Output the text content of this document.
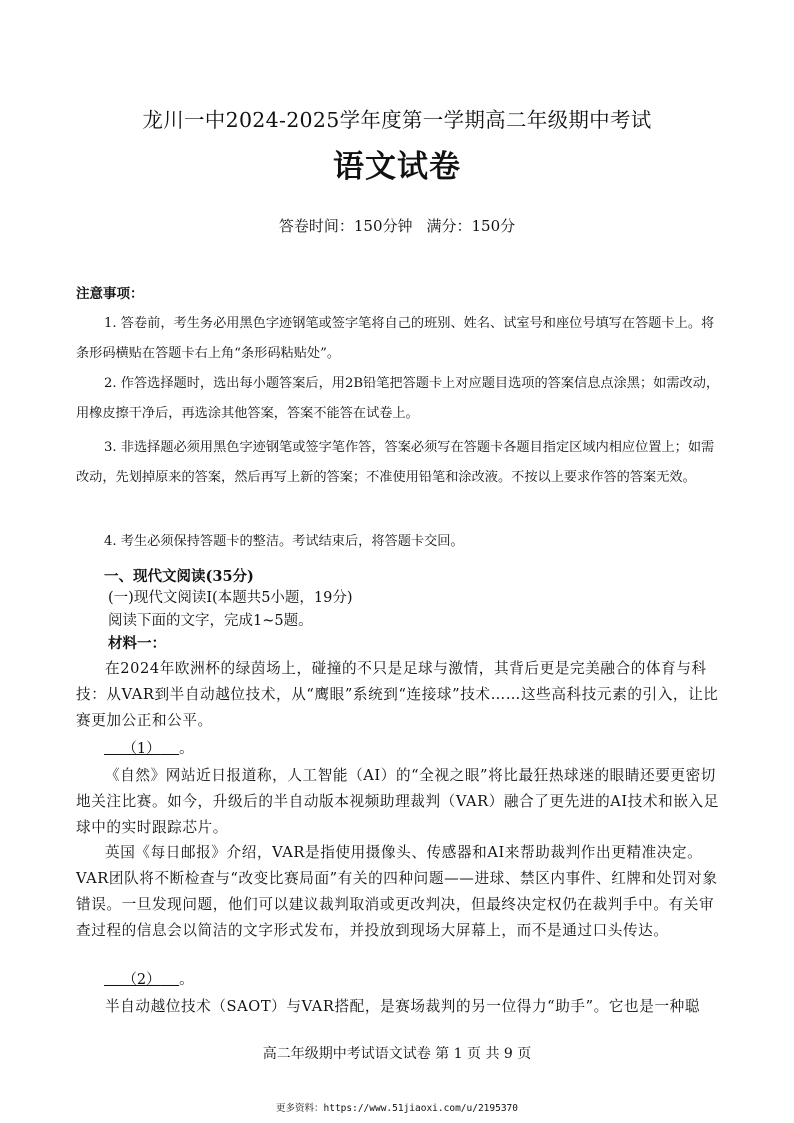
龙川一中2024-2025学年度第一学期高二年级期中考试
语文试卷
答卷时间：150分钟 满分：150分
注意事项：
1. 答卷前，考生务必用黑色字迹钢笔或签字笔将自己的班别、姓名、试室号和座位号填写在答题卡上。将条形码横贴在答题卡右上角“条形码粘贴处”。
2. 作答选择题时，选出每小题答案后，用2B铅笔把答题卡上对应题目选项的答案信息点涂黑；如需改动，用橡皮擦干净后，再选涂其他答案，答案不能答在试卷上。
3. 非选择题必须用黑色字迹钢笔或签字笔作答，答案必须写在答题卡各题目指定区域内相应位置上；如需改动，先划掉原来的答案，然后再写上新的答案；不准使用铅笔和涂改液。不按以上要求作答的答案无效。
4. 考生必须保持答题卡的整洁。考试结束后，将答题卡交回。
一、现代文阅读(35分)
(一)现代文阅读Ⅰ(本题共5小题，19分)
阅读下面的文字，完成1~5题。
材料一：
在2024年欧洲杯的绿茵场上，碰撞的不只是足球与激情，其背后更是完美融合的体育与科技：从VAR到半自动越位技术，从“鹰眼”系统到“连接球”技术……这些高科技元素的引入，让比赛更加公正和公平。
（1） 。
《自然》网站近日报道称，人工智能（AI）的“全视之眼”将比最狂热球迷的眼睛还要更密切地关注比赛。如今，升级后的半自动版本视频助理裁判（VAR）融合了更先进的AI技术和嵌入足球中的实时跟踪芯片。
英国《每日邮报》介绍，VAR是指使用摄像头、传感器和AI来帮助裁判作出更精准决定。VAR团队将不断检查与“改变比赛局面”有关的四种问题——进球、禁区内事件、红牌和处罚对象错误。一旦发现问题，他们可以建议裁判取消或更改判决，但最终决定权仍在裁判手中。有关审查过程的信息会以简洁的文字形式发布，并投放到现场大屏幕上，而不是通过口头传达。
（2） 。
半自动越位技术（SAOT）与VAR搭配，是赛场裁判的另一位得力“助手”。它也是一种聪
高二年级期中考试语文试卷 第 1 页 共 9 页
更多资料：https://www.51jiaoxi.com/u/2195370
